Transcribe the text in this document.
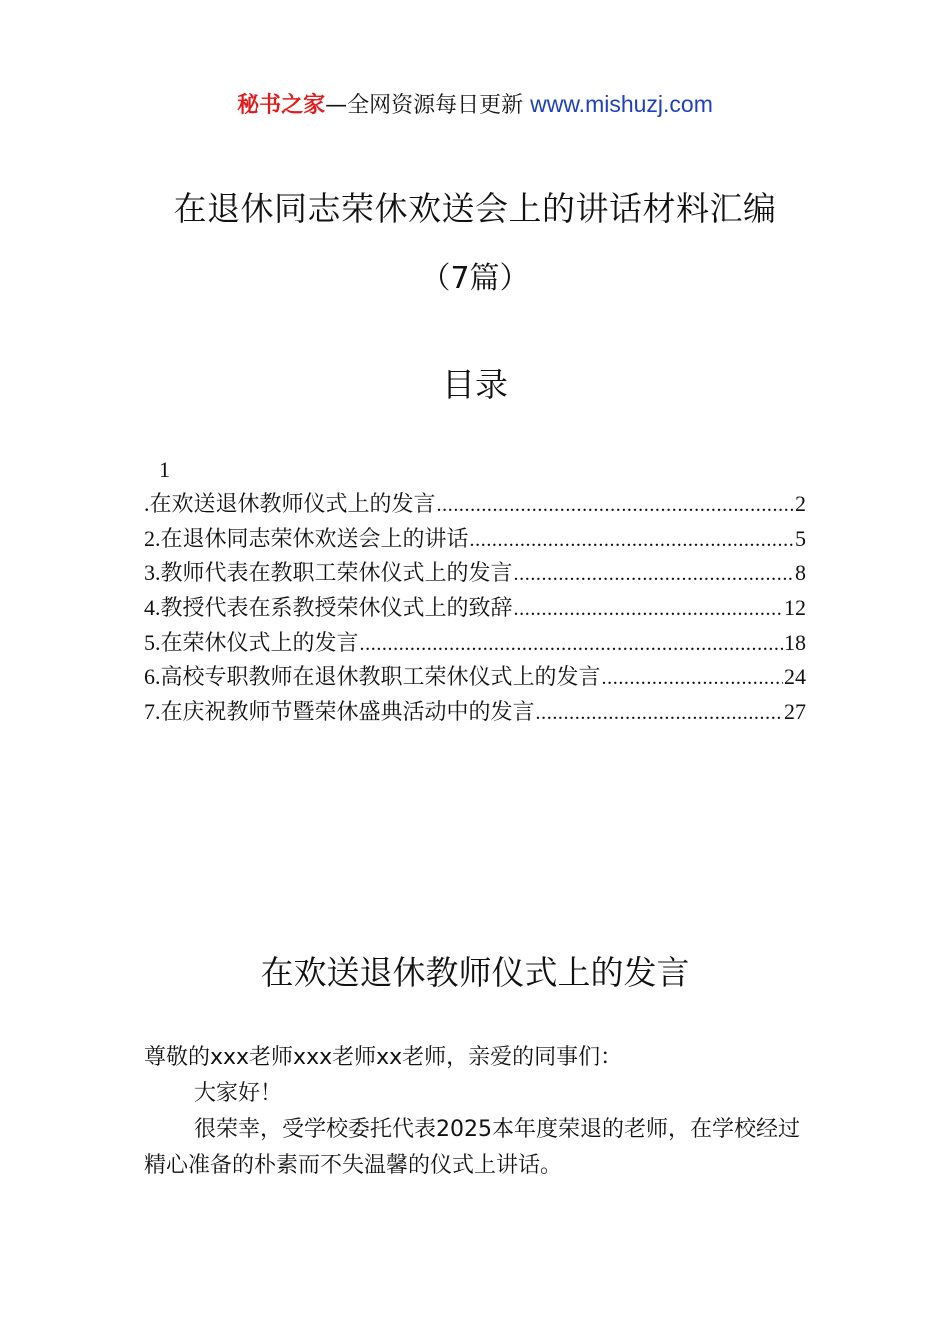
秘书之家—全网资源每日更新 www.mishuzj.com
在退休同志荣休欢送会上的讲话材料汇编
（7篇）
目录
1
.在欢送退休教师仪式上的发言 .....	2
2.在退休同志荣休欢送会上的讲话 .....	5
3.教师代表在教职工荣休仪式上的发言 .....	8
4.教授代表在系教授荣休仪式上的致辞 .....	12
5.在荣休仪式上的发言 .....	18
6.高校专职教师在退休教职工荣休仪式上的发言 .....	24
7.在庆祝教师节暨荣休盛典活动中的发言 .....	27
在欢送退休教师仪式上的发言

尊敬的xxx老师xxx老师xx老师，亲爱的同事们：

大家好！

很荣幸，受学校委托代表2025本年度荣退的老师，在学校经过精心准备的朴素而不失温馨的仪式上讲话。
